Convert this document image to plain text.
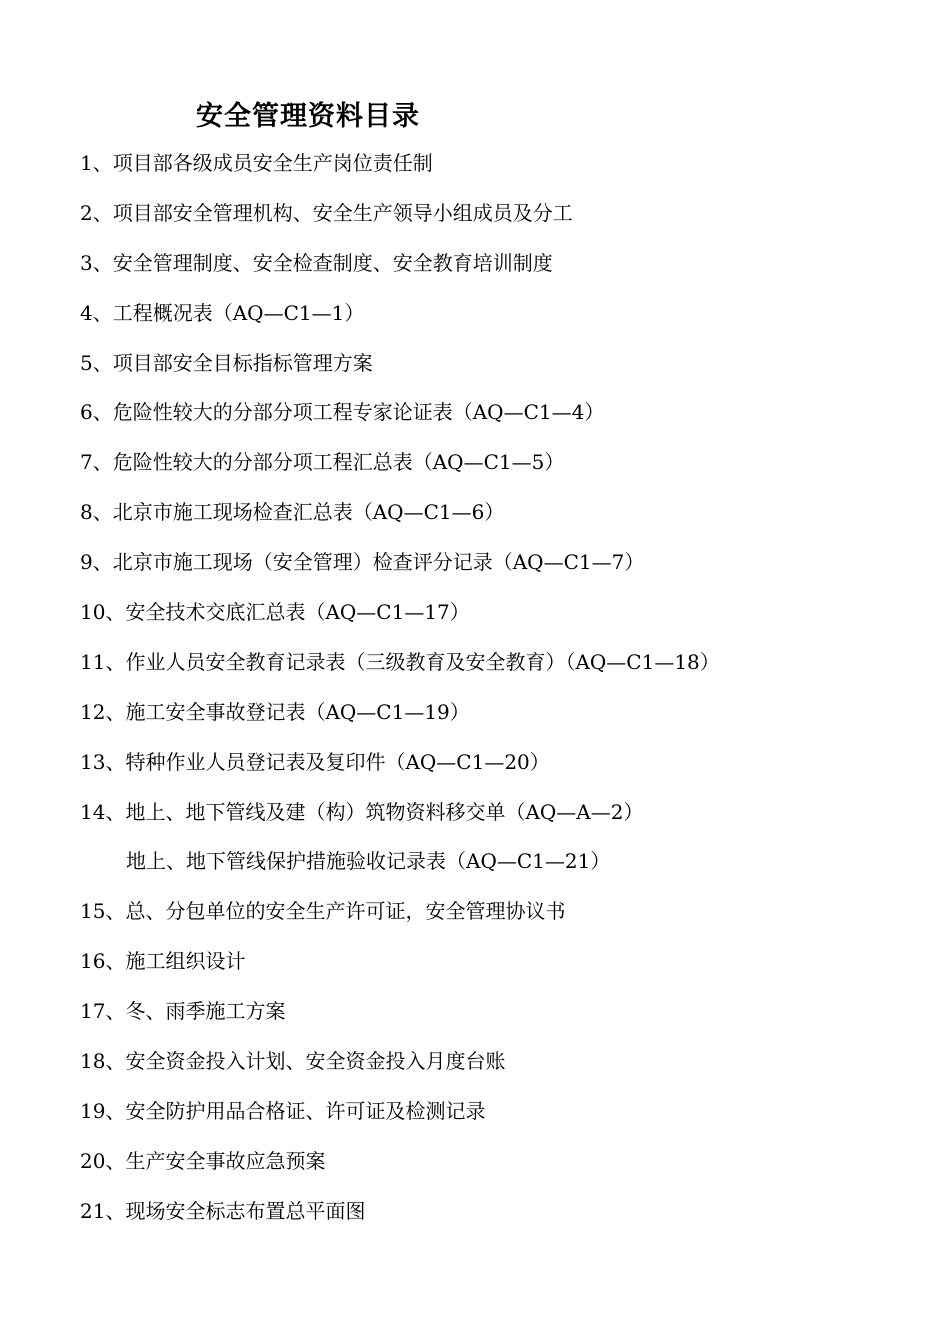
安全管理资料目录
1、项目部各级成员安全生产岗位责任制
2、项目部安全管理机构、安全生产领导小组成员及分工
3、安全管理制度、安全检查制度、安全教育培训制度
4、工程概况表（AQ—C1—1）
5、项目部安全目标指标管理方案
6、危险性较大的分部分项工程专家论证表（AQ—C1—4）
7、危险性较大的分部分项工程汇总表（AQ—C1—5）
8、北京市施工现场检查汇总表（AQ—C1—6）
9、北京市施工现场（安全管理）检查评分记录（AQ—C1—7）
10、安全技术交底汇总表（AQ—C1—17）
11、作业人员安全教育记录表（三级教育及安全教育）（AQ—C1—18）
12、施工安全事故登记表（AQ—C1—19）
13、特种作业人员登记表及复印件（AQ—C1—20）
14、地上、地下管线及建（构）筑物资料移交单（AQ—A—2）
地上、地下管线保护措施验收记录表（AQ—C1—21）
15、总、分包单位的安全生产许可证，安全管理协议书
16、施工组织设计
17、冬、雨季施工方案
18、安全资金投入计划、安全资金投入月度台账
19、安全防护用品合格证、许可证及检测记录
20、生产安全事故应急预案
21、现场安全标志布置总平面图
